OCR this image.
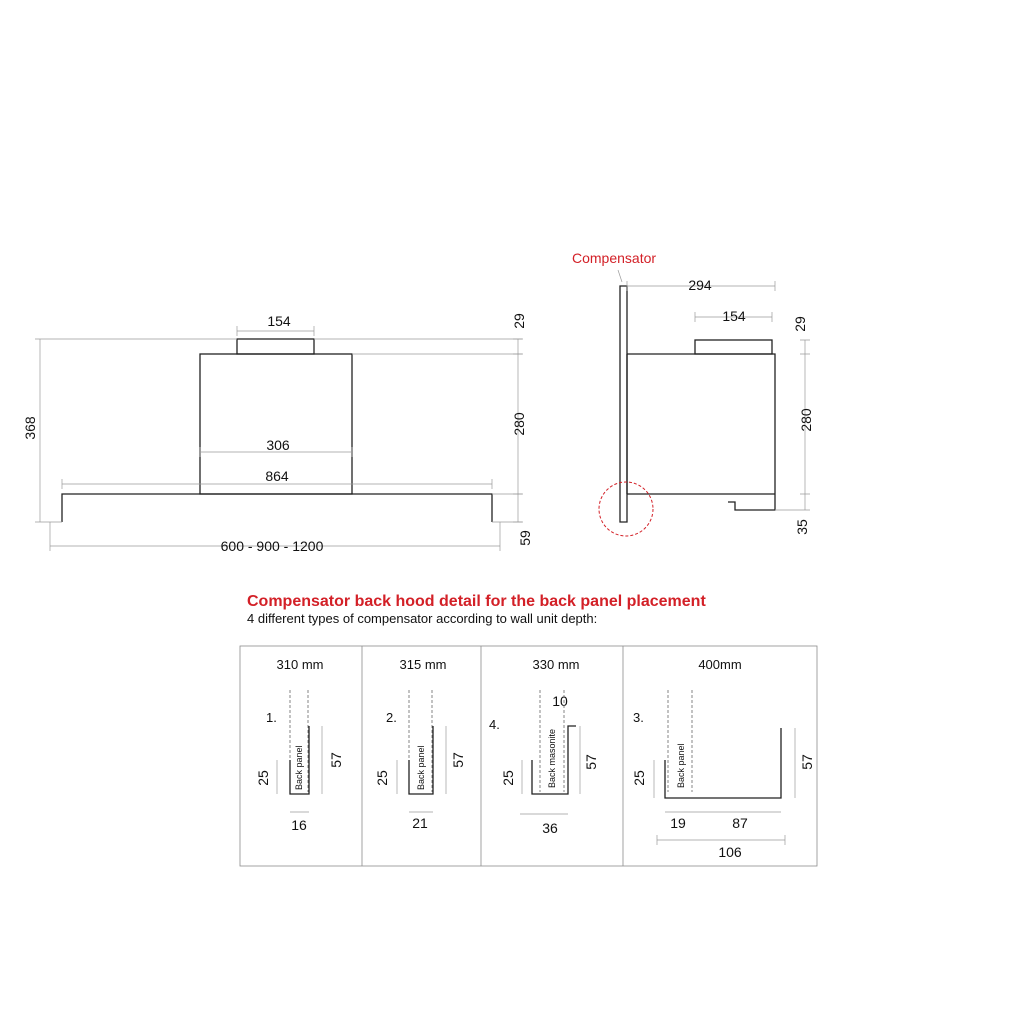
154	29
280
59
368
306
864
600 - 900 - 1200
Compensator
294
154	29
280
35
Compensator back hood detail for the back panel placement
4 different types of compensator according to wall unit depth:
310 mm
1.
Back panel
25
57
16
315 mm
2.
Back panel
25
57
21
330 mm
4.
10
Back masonite
25
57
36
400mm
3.
Back panel
25
57
19	87
106
